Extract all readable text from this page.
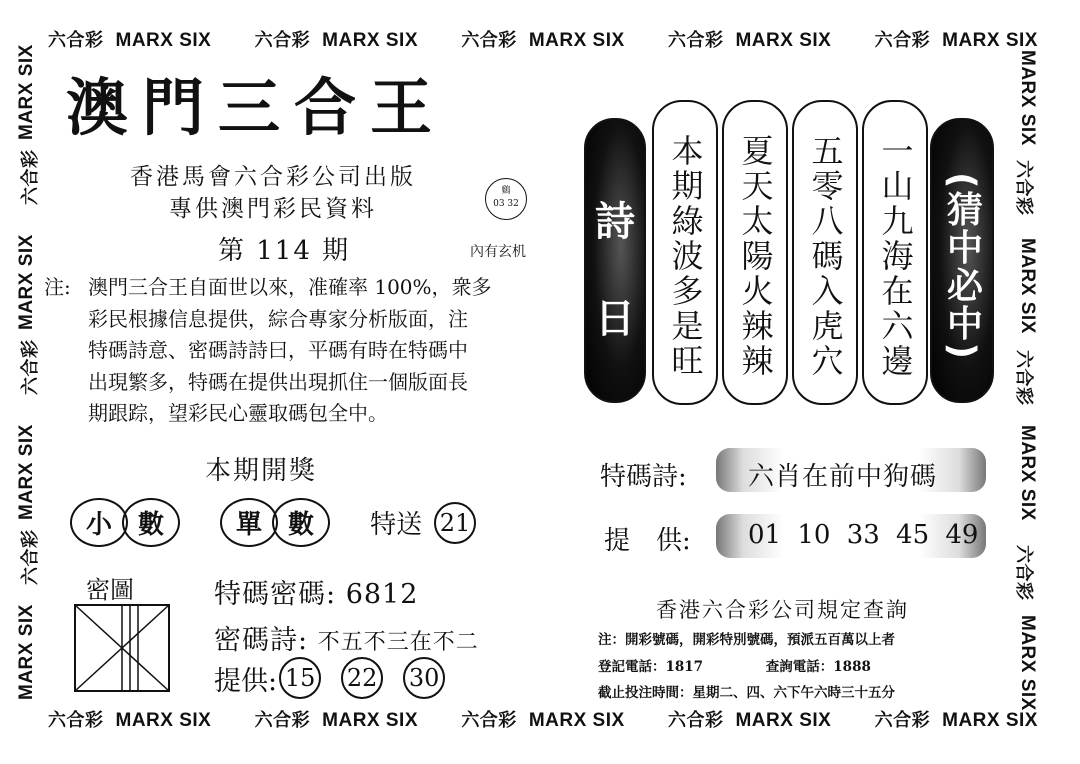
六合彩 MARX SIX 六合彩 MARX SIX 六合彩 MARX SIX 六合彩 MARX SIX 六合彩 MARX SIX
六合彩 MARX SIX 六合彩 MARX SIX 六合彩 MARX SIX 六合彩 MARX SIX 六合彩 MARX SIX
MARX SIX
六合彩
MARX SIX
六合彩
MARX SIX
六合彩
MARX SIX
MARX SIX
六合彩
MARX SIX
六合彩
MARX SIX
六合彩
MARX SIX
澳門三合王
香港馬會六合彩公司出版
專供澳門彩民資料
鷄
03 32
第 114 期	內有玄机
注: 澳門三合王自面世以來，准確率 100%，衆多
彩民根據信息提供，綜合專家分析版面，注
特碼詩意、密碼詩詩曰，平碼有時在特碼中
出現繁多，特碼在提供出現抓住一個版面長
期跟踪，望彩民心靈取碼包全中。
本期開獎
小	數	單	數	特送 21
密圖	特碼密碼: 6812
密碼詩: 不五不三在不二
提供: 15 22 30
詩
日 本期綠波多是旺 夏天太陽火辣辣 五零八碼入虎穴 一山九海在六邊 (猜中必中)
特碼詩: 六肖在前中狗碼
提　供: 01 10 33 45 49
香港六合彩公司規定查詢
注：開彩號碼，開彩特別號碼，預派五百萬以上者
登記電話：1817	查詢電話：1888
截止投注時間：星期二、四、六下午六時三十五分
